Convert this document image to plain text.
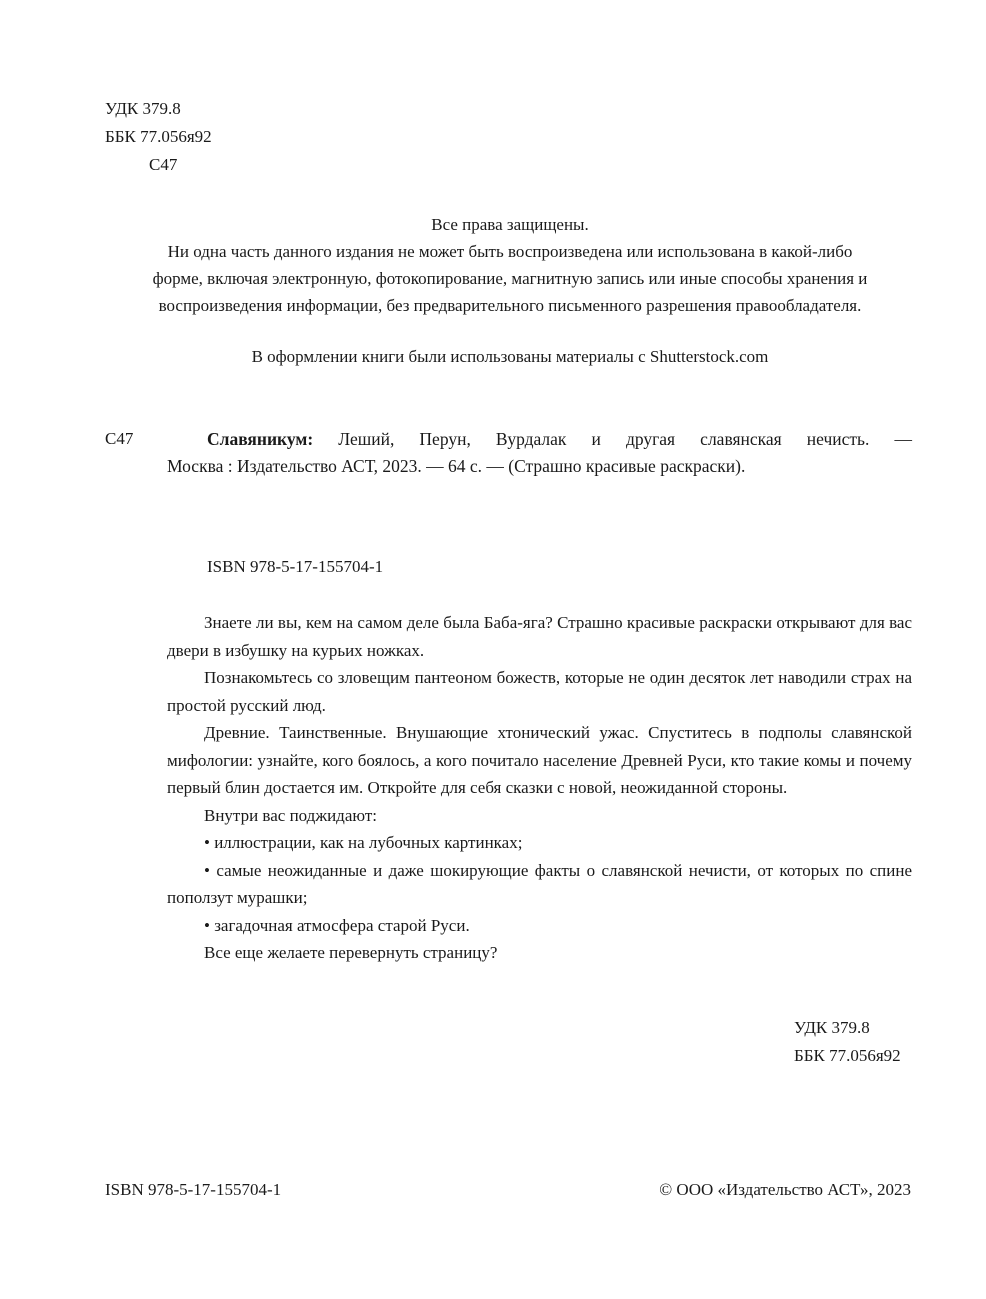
УДК 379.8
ББК 77.056я92
С47
Все права защищены.
Ни одна часть данного издания не может быть воспроизведена или использована в какой-либо
форме, включая электронную, фотокопирование, магнитную запись или иные способы хранения и
воспроизведения информации, без предварительного письменного разрешения правообладателя.
В оформлении книги были использованы материалы с Shutterstock.com
С47	Славяникум: Леший, Перун, Вурдалак и другая славянская нечисть. —
Москва : Издательство АСТ, 2023. — 64 с. — (Страшно красивые раскраски).
ISBN 978-5-17-155704-1

Знаете ли вы, кем на самом деле была Баба-яга? Страшно красивые раскраски открывают для вас двери в избушку на курьих ножках.

Познакомьтесь со зловещим пантеоном божеств, которые не один десяток лет наводили страх на простой русский люд.

Древние. Таинственные. Внушающие хтонический ужас. Спуститесь в подполы славянской мифологии: узнайте, кого боялось, а кого почитало население Древней Руси, кто такие комы и почему первый блин достается им. Откройте для себя сказки с новой, неожиданной стороны.

Внутри вас поджидают:

• иллюстрации, как на лубочных картинках;

• самые неожиданные и даже шокирующие факты о славянской нечисти, от которых по спине поползут мурашки;

• загадочная атмосфера старой Руси.

Все еще желаете перевернуть страницу?

УДК 379.8
ББК 77.056я92
ISBN 978-5-17-155704-1	© ООО «Издательство АСТ», 2023
